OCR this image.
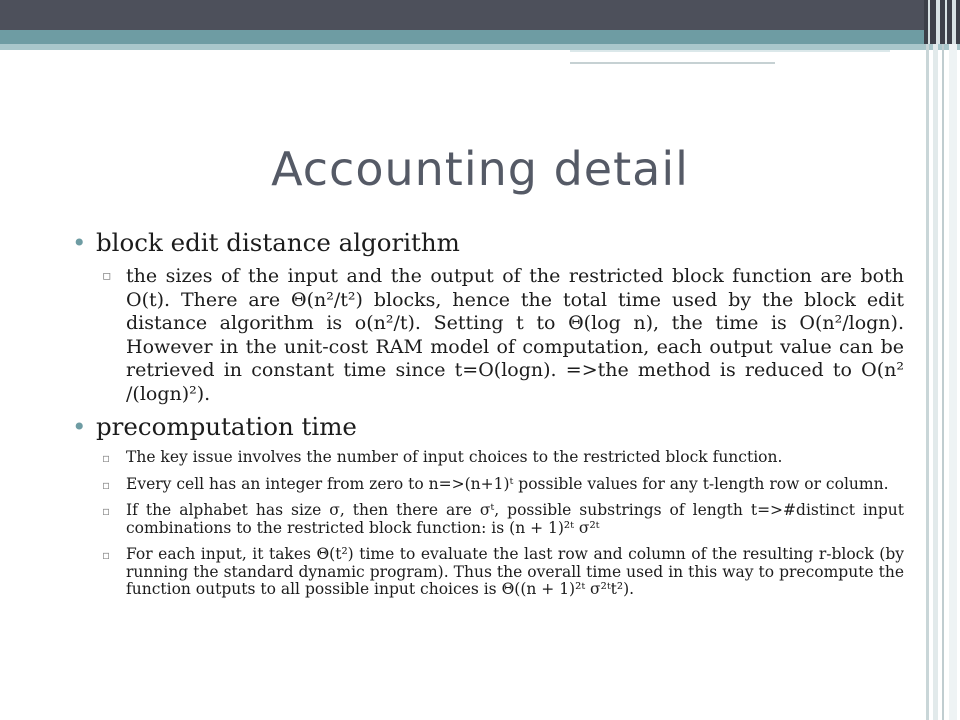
Accounting detail
• block edit distance algorithm
▫ the sizes of the input and the output of the restricted block function are both O(t). There are Θ(n²/t²) blocks, hence the total time used by the block edit distance algorithm is o(n²/t). Setting t to Θ(log n), the time is O(n²/logn). However in the unit-cost RAM model of computation, each output value can be retrieved in constant time since t=O(logn). =>the method is reduced to O(n² /(logn)²).
• precomputation time
▫	The key issue involves the number of input choices to the restricted block function.
▫	Every cell has an integer from zero to n=>(n+1)ᵗ possible values for any t-length row or column.
▫	If the alphabet has size σ, then there are σᵗ, possible substrings of length t=>#distinct input combinations to the restricted block function: is (n + 1)²ᵗ σ²ᵗ
▫	For each input, it takes Θ(t²) time to evaluate the last row and column of the resulting r-block (by running the standard dynamic program). Thus the overall time used in this way to precompute the function outputs to all possible input choices is Θ((n + 1)²ᵗ σ²ᵗt²).
